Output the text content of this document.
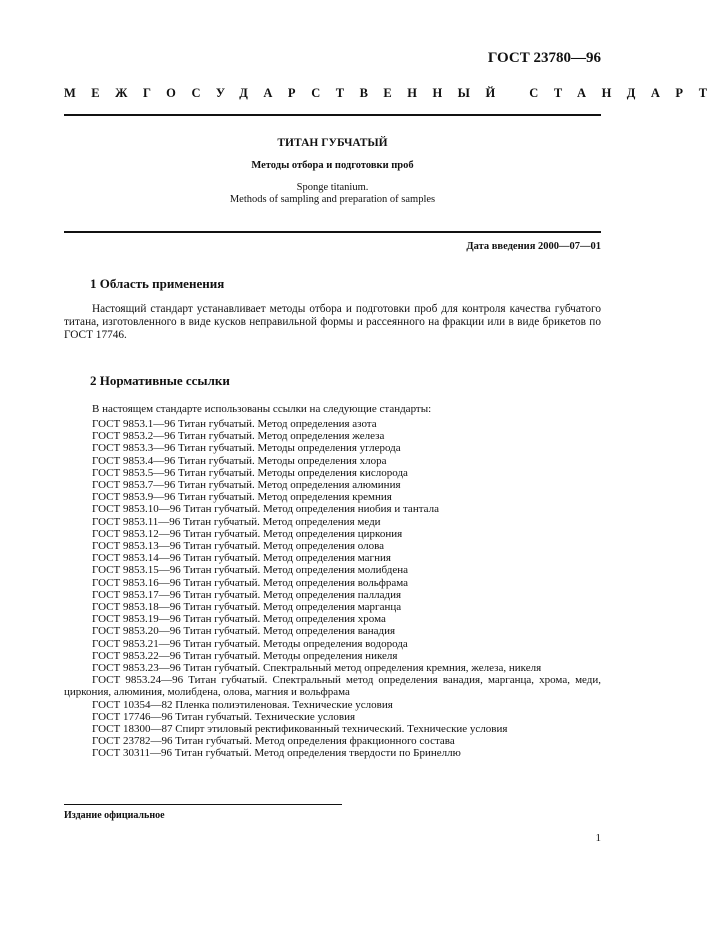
ГОСТ 23780—96
МЕЖГОСУДАРСТВЕННЫЙ СТАНДАРТ
ТИТАН ГУБЧАТЫЙ
Методы отбора и подготовки проб
Sponge titanium.
Methods of sampling and preparation of samples
Дата введения 2000—07—01
1 Область применения
Настоящий стандарт устанавливает методы отбора и подготовки проб для контроля качества губчатого титана, изготовленного в виде кусков неправильной формы и рассеянного на фракции или в виде брикетов по ГОСТ 17746.
2 Нормативные ссылки
В настоящем стандарте использованы ссылки на следующие стандарты:
ГОСТ 9853.1—96 Титан губчатый. Метод определения азота
ГОСТ 9853.2—96 Титан губчатый. Метод определения железа
ГОСТ 9853.3—96 Титан губчатый. Методы определения углерода
ГОСТ 9853.4—96 Титан губчатый. Методы определения хлора
ГОСТ 9853.5—96 Титан губчатый. Методы определения кислорода
ГОСТ 9853.7—96 Титан губчатый. Метод определения алюминия
ГОСТ 9853.9—96 Титан губчатый. Метод определения кремния
ГОСТ 9853.10—96 Титан губчатый. Метод определения ниобия и тантала
ГОСТ 9853.11—96 Титан губчатый. Метод определения меди
ГОСТ 9853.12—96 Титан губчатый. Метод определения циркония
ГОСТ 9853.13—96 Титан губчатый. Метод определения олова
ГОСТ 9853.14—96 Титан губчатый. Метод определения магния
ГОСТ 9853.15—96 Титан губчатый. Метод определения молибдена
ГОСТ 9853.16—96 Титан губчатый. Метод определения вольфрама
ГОСТ 9853.17—96 Титан губчатый. Метод определения палладия
ГОСТ 9853.18—96 Титан губчатый. Метод определения марганца
ГОСТ 9853.19—96 Титан губчатый. Метод определения хрома
ГОСТ 9853.20—96 Титан губчатый. Метод определения ванадия
ГОСТ 9853.21—96 Титан губчатый. Методы определения водорода
ГОСТ 9853.22—96 Титан губчатый. Методы определения никеля
ГОСТ 9853.23—96 Титан губчатый. Спектральный метод определения кремния, железа, никеля
ГОСТ 9853.24—96 Титан губчатый. Спектральный метод определения ванадия, марганца, хрома, меди, циркония, алюминия, молибдена, олова, магния и вольфрама
ГОСТ 10354—82 Пленка полиэтиленовая. Технические условия
ГОСТ 17746—96 Титан губчатый. Технические условия
ГОСТ 18300—87 Спирт этиловый ректификованный технический. Технические условия
ГОСТ 23782—96 Титан губчатый. Метод определения фракционного состава
ГОСТ 30311—96 Титан губчатый. Метод определения твердости по Бринеллю
Издание официальное
1
